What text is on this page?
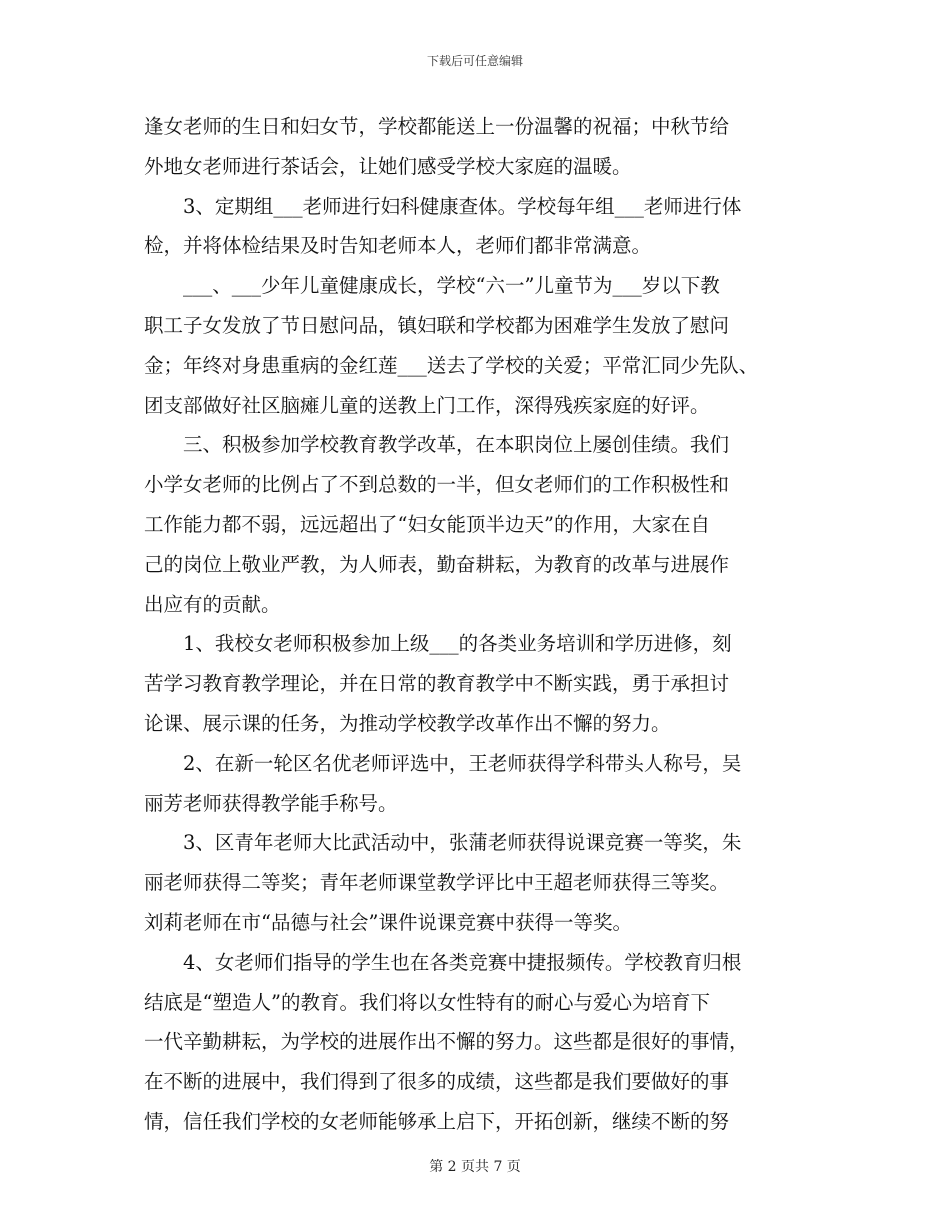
下载后可任意编辑
逢女老师的生日和妇女节，学校都能送上一份温馨的祝福；中秋节给
外地女老师进行茶话会，让她们感受学校大家庭的温暖。
3、定期组___老师进行妇科健康查体。学校每年组___老师进行体
检，并将体检结果及时告知老师本人，老师们都非常满意。
___、___少年儿童健康成长，学校“六一”儿童节为___岁以下教
职工子女发放了节日慰问品，镇妇联和学校都为困难学生发放了慰问
金；年终对身患重病的金红莲___送去了学校的关爱；平常汇同少先队、
团支部做好社区脑瘫儿童的送教上门工作，深得残疾家庭的好评。
三、积极参加学校教育教学改革，在本职岗位上屡创佳绩。我们
小学女老师的比例占了不到总数的一半，但女老师们的工作积极性和
工作能力都不弱，远远超出了“妇女能顶半边天”的作用，大家在自
己的岗位上敬业严教，为人师表，勤奋耕耘，为教育的改革与进展作
出应有的贡献。
1、我校女老师积极参加上级___的各类业务培训和学历进修，刻
苦学习教育教学理论，并在日常的教育教学中不断实践，勇于承担讨
论课、展示课的任务，为推动学校教学改革作出不懈的努力。
2、在新一轮区名优老师评选中，王老师获得学科带头人称号，吴
丽芳老师获得教学能手称号。
3、区青年老师大比武活动中，张蒲老师获得说课竞赛一等奖，朱
丽老师获得二等奖；青年老师课堂教学评比中王超老师获得三等奖。
刘莉老师在市“品德与社会”课件说课竞赛中获得一等奖。
4、女老师们指导的学生也在各类竞赛中捷报频传。学校教育归根
结底是“塑造人”的教育。我们将以女性特有的耐心与爱心为培育下
一代辛勤耕耘，为学校的进展作出不懈的努力。这些都是很好的事情，
在不断的进展中，我们得到了很多的成绩，这些都是我们要做好的事
情，信任我们学校的女老师能够承上启下，开拓创新，继续不断的努
第 2 页共 7 页
